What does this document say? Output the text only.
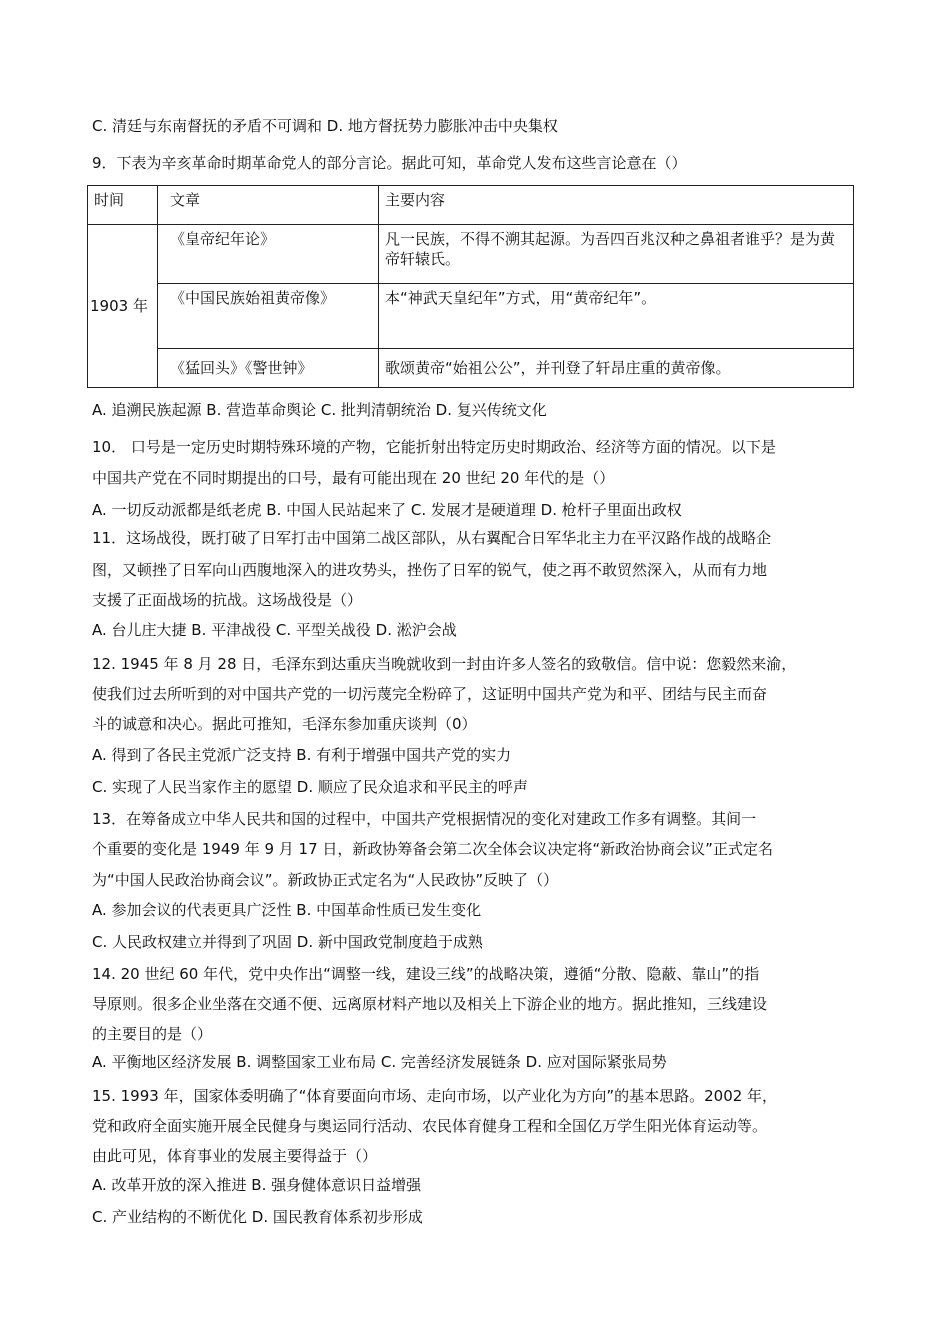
C. 清廷与东南督抚的矛盾不可调和 D. 地方督抚势力膨胀冲击中央集权
9．下表为辛亥革命时期革命党人的部分言论。据此可知，革命党人发布这些言论意在（）
时间	文章	主要内容
1903 年	《皇帝纪年论》	凡一民族，不得不溯其起源。为吾四百兆汉种之鼻祖者谁乎？是为黄帝轩辕氏。
	《中国民族始祖黄帝像》	本“神武天皇纪年”方式，用“黄帝纪年”。
	《猛回头》《警世钟》	歌颂黄帝“始祖公公”，并刊登了轩昂庄重的黄帝像。
A. 追溯民族起源 B. 营造革命舆论 C. 批判清朝统治 D. 复兴传统文化
10． 口号是一定历史时期特殊环境的产物，它能折射出特定历史时期政治、经济等方面的情况。以下是
中国共产党在不同时期提出的口号，最有可能出现在 20 世纪 20 年代的是（）
A. 一切反动派都是纸老虎 B. 中国人民站起来了 C. 发展才是硬道理 D. 枪杆子里面出政权
11．这场战役，既打破了日军打击中国第二战区部队，从右翼配合日军华北主力在平汉路作战的战略企
图，又顿挫了日军向山西腹地深入的进攻势头，挫伤了日军的锐气，使之再不敢贸然深入，从而有力地
支援了正面战场的抗战。这场战役是（）
A. 台儿庄大捷 B. 平津战役 C. 平型关战役 D. 淞沪会战
12. 1945 年 8 月 28 日，毛泽东到达重庆当晚就收到一封由许多人签名的致敬信。信中说：您毅然来渝，
使我们过去所听到的对中国共产党的一切污蔑完全粉碎了，这证明中国共产党为和平、团结与民主而奋
斗的诚意和决心。据此可推知，毛泽东参加重庆谈判（0）
A. 得到了各民主党派广泛支持 B. 有利于增强中国共产党的实力
C. 实现了人民当家作主的愿望 D. 顺应了民众追求和平民主的呼声
13．在筹备成立中华人民共和国的过程中，中国共产党根据情况的变化对建政工作多有调整。其间一
个重要的变化是 1949 年 9 月 17 日，新政协筹备会第二次全体会议决定将“新政治协商会议”正式定名
为“中国人民政治协商会议”。新政协正式定名为“人民政协”反映了（）
A. 参加会议的代表更具广泛性 B. 中国革命性质已发生变化
C. 人民政权建立并得到了巩固 D. 新中国政党制度趋于成熟
14. 20 世纪 60 年代，党中央作出“调整一线，建设三线”的战略决策，遵循“分散、隐蔽、靠山”的指
导原则。很多企业坐落在交通不便、远离原材料产地以及相关上下游企业的地方。据此推知，三线建设
的主要目的是（）
A. 平衡地区经济发展 B. 调整国家工业布局 C. 完善经济发展链条 D. 应对国际紧张局势
15. 1993 年，国家体委明确了“体育要面向市场、走向市场，以产业化为方向”的基本思路。2002 年，
党和政府全面实施开展全民健身与奥运同行活动、农民体育健身工程和全国亿万学生阳光体育运动等。
由此可见，体育事业的发展主要得益于（）
A. 改革开放的深入推进 B. 强身健体意识日益增强
C. 产业结构的不断优化 D. 国民教育体系初步形成
